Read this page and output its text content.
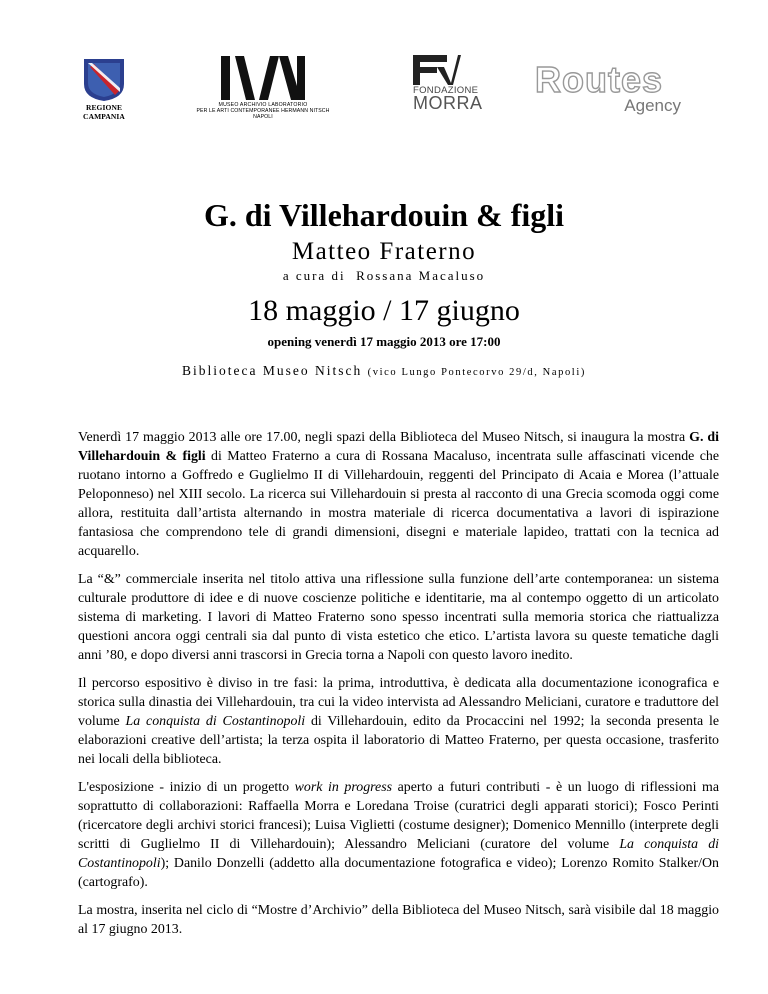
REGIONE CAMPANIA
MUSEO ARCHIVIO LABORATORIO
PER LE ARTI CONTEMPORANEE HERMANN NITSCH NAPOLI
FONDAZIONE
MORRA
Routes
Agency
G. di Villehardouin & figli
Matteo Fraterno
a cura di  Rossana Macaluso
18 maggio / 17 giugno
opening venerdì 17 maggio 2013 ore 17:00
Biblioteca Museo Nitsch (vico Lungo Pontecorvo 29/d, Napoli)

Venerdì 17 maggio 2013 alle ore 17.00, negli spazi della Biblioteca del Museo Nitsch, si inaugura la mostra G. di Villehardouin & figli di Matteo Fraterno a cura di Rossana Macaluso, incentrata sulle affascinati vicende che ruotano intorno a Goffredo e Guglielmo II di Villehardouin, reggenti del Principato di Acaia e Morea (l’attuale Peloponneso) nel XIII secolo. La ricerca sui Villehardouin si presta al racconto di una Grecia scomoda oggi come allora, restituita dall’artista alternando in mostra materiale di ricerca documentativa a lavori di ispirazione fantasiosa che comprendono tele di grandi dimensioni, disegni e materiale lapideo, trattati con la tecnica ad acquarello.

La “&” commerciale inserita nel titolo attiva una riflessione sulla funzione dell’arte contemporanea: un sistema culturale produttore di idee e di nuove coscienze politiche e identitarie, ma al contempo oggetto di un articolato sistema di marketing. I lavori di Matteo Fraterno sono spesso incentrati sulla memoria storica che riattualizza questioni ancora oggi centrali sia dal punto di vista estetico che etico. L’artista lavora su queste tematiche dagli anni ’80, e dopo diversi anni trascorsi in Grecia torna a Napoli con questo lavoro inedito.

Il percorso espositivo è diviso in tre fasi: la prima, introduttiva, è dedicata alla documentazione iconografica e storica sulla dinastia dei Villehardouin, tra cui la video intervista ad Alessandro Meliciani, curatore e traduttore del volume La conquista di Costantinopoli di Villehardouin, edito da Procaccini nel 1992; la seconda presenta le elaborazioni creative dell’artista; la terza ospita il laboratorio di Matteo Fraterno, per questa occasione, trasferito nei locali della biblioteca.

L'esposizione - inizio di un progetto work in progress aperto a futuri contributi - è un luogo di riflessioni ma soprattutto di collaborazioni: Raffaella Morra e Loredana Troise (curatrici degli apparati storici); Fosco Perinti (ricercatore degli archivi storici francesi); Luisa Viglietti (costume designer); Domenico Mennillo (interprete degli scritti di Guglielmo II di Villehardouin); Alessandro Meliciani (curatore del volume La conquista di Costantinopoli); Danilo Donzelli (addetto alla documentazione fotografica e video); Lorenzo Romito Stalker/On (cartografo).

La mostra, inserita nel ciclo di “Mostre d’Archivio” della Biblioteca del Museo Nitsch, sarà visibile dal 18 maggio al 17 giugno 2013.
